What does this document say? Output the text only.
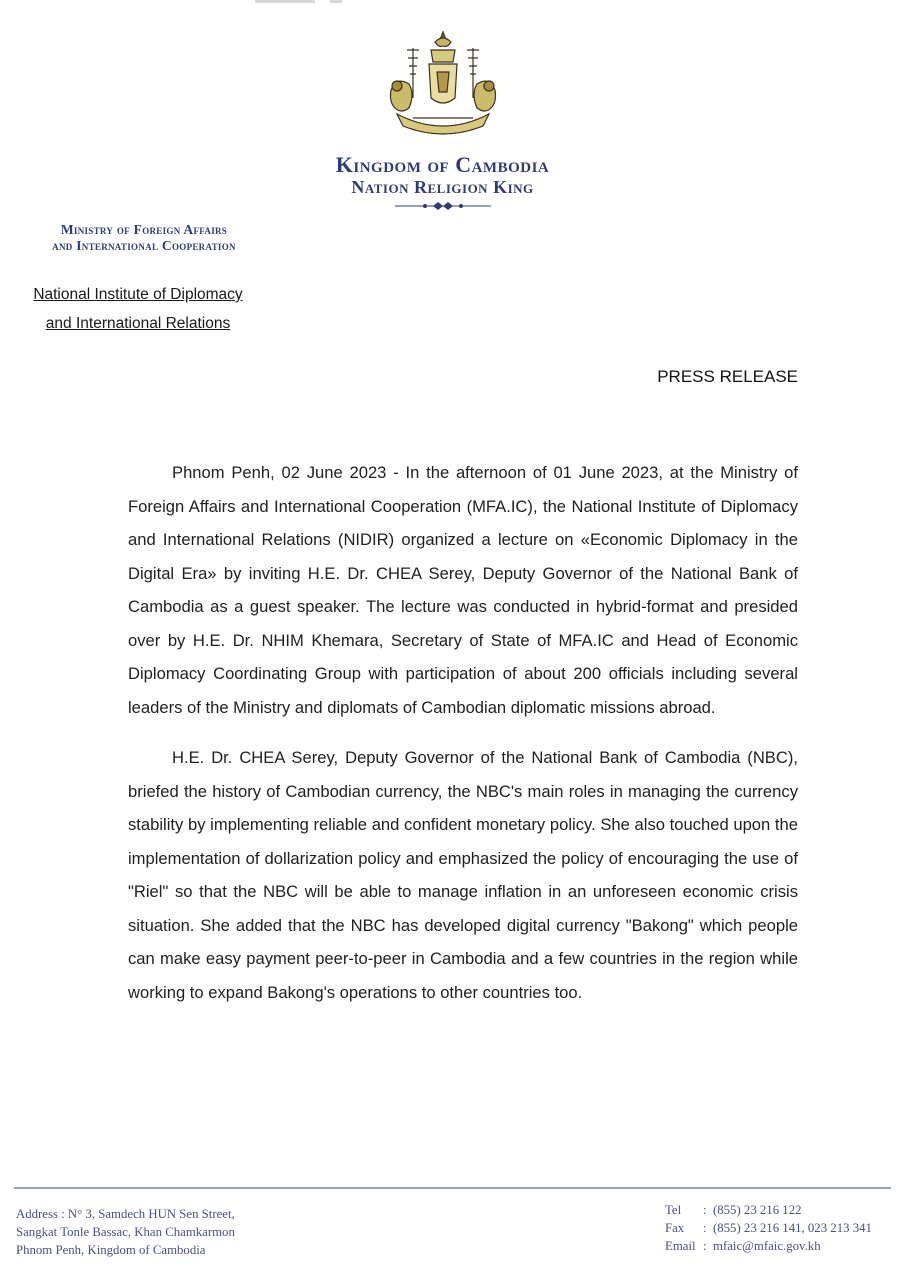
Kingdom of Cambodia
Nation Religion King
Ministry of Foreign Affairs
and International Cooperation
National Institute of Diplomacy
and International Relations
PRESS RELEASE

Phnom Penh, 02 June 2023 - In the afternoon of 01 June 2023, at the Ministry of Foreign Affairs and International Cooperation (MFA.IC), the National Institute of Diplomacy and International Relations (NIDIR) organized a lecture on «Economic Diplomacy in the Digital Era» by inviting H.E. Dr. CHEA Serey, Deputy Governor of the National Bank of Cambodia as a guest speaker. The lecture was conducted in hybrid-format and presided over by H.E. Dr. NHIM Khemara, Secretary of State of MFA.IC and Head of Economic Diplomacy Coordinating Group with participation of about 200 officials including several leaders of the Ministry and diplomats of Cambodian diplomatic missions abroad.

H.E. Dr. CHEA Serey, Deputy Governor of the National Bank of Cambodia (NBC), briefed the history of Cambodian currency, the NBC's main roles in managing the currency stability by implementing reliable and confident monetary policy. She also touched upon the implementation of dollarization policy and emphasized the policy of encouraging the use of "Riel" so that the NBC will be able to manage inflation in an unforeseen economic crisis situation. She added that the NBC has developed digital currency "Bakong" which people can make easy payment peer-to-peer in Cambodia and a few countries in the region while working to expand Bakong's operations to other countries too.

Address : N° 3, Samdech HUN Sen Street,
Sangkat Tonle Bassac, Khan Chamkarmon
Phnom Penh, Kingdom of Cambodia
Tel	: (855) 23 216 122
Fax	: (855) 23 216 141, 023 213 341
Email : mfaic@mfaic.gov.kh
